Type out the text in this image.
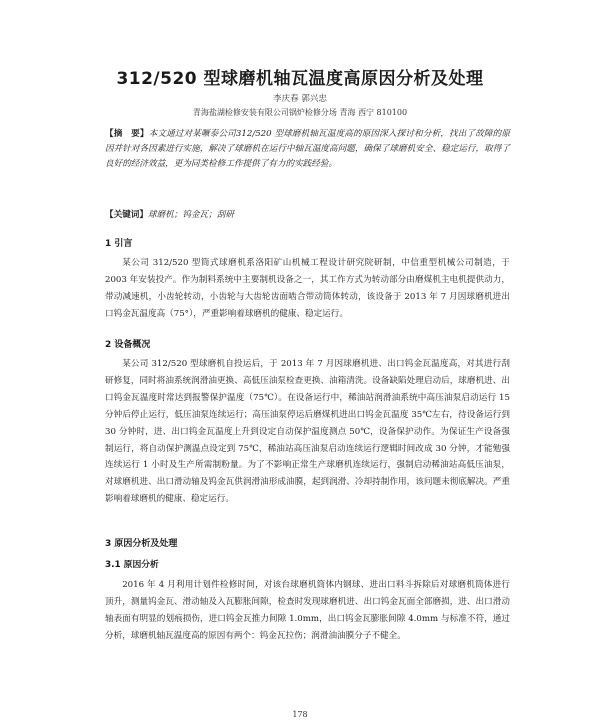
312/520 型球磨机轴瓦温度高原因分析及处理
李庆春 郭兴忠
青海盐湖检修安装有限公司锅炉检修分场 青海 西宁 810100
【摘　要】本文通过对某噘泰公司312/520 型球磨机轴瓦温度高的原因深入探讨和分析，找出了故障的原因并针对各因素进行实施，解决了球磨机在运行中轴瓦温度高问题，确保了球磨机安全、稳定运行，取得了良好的经济效益，更为同类检修工作提供了有力的实践经验。
【关键词】球磨机；钨金瓦；刮研
1 引言
某公司 312/520 型筒式球磨机系洛阳矿山机械工程设计研究院研制，中信重型机械公司制造，于 2003 年安装投产。作为制料系统中主要制机设备之一，其工作方式为转动部分由磨煤机主电机提供动力，带动减速机，小齿轮转动，小齿轮与大齿轮齿面啮合带动筒体转动，该设备于 2013 年 7 月因球磨机进出口钨金瓦温度高（75°），严重影响着球磨机的健康、稳定运行。
2 设备概况
某公司 312/520 型球磨机自投运后，于 2013 年 7 月因球磨机进、出口钨金瓦温度高，对其进行刮研修复，同时将油系统润滑油更换、高低压油泵检查更换、油箱清洗。设备缺陷处理启动后，球磨机进、出口钨金瓦温度时常达到报警保护温度（75℃）。在设备运行中，稀油站润滑油系统中高压油泵启动运行 15 分钟后停止运行，低压油泵连续运行；高压油泵停运后磨煤机进出口钨金瓦温度 35℃左右，待设备运行到 30 分钟时，进、出口钨金瓦温度上升到设定自动保护温度测点 50℃，设备保护动作。为保证生产设备强制运行，将自动保护测温点设定到 75℃，稀油站高压油泵启动连续运行逻辑时间改成 30 分钟，才能勉强连续运行 1 小时及生产所需制粉量。为了不影响正常生产球磨机连续运行，强制启动稀油站高低压油泵，对球磨机进、出口滑动轴及钨金瓦供润滑油形成油膜，起到润滑、冷却持制作用，该问题未彻底解决。严重影响着球磨机的健康、稳定运行。
3 原因分析及处理
3.1 原因分析
2016 年 4 月利用计划件检修时间，对该台球磨机筒体内钢球、进出口料斗拆除后对球磨机筒体进行顶升，测量钨金瓦、滑动轴及入瓦膨胀间隙，检查时发现球磨机进、出口钨金瓦面全部磨损，进、出口滑动轴表面有明显的划痕损伤，进口钨金瓦推力间隙 1.0mm，出口钨金瓦膨胀间隙 4.0mm 与标准不符，通过分析，球磨机轴瓦温度高的原因有两个：钨金瓦拉伤；润滑油油膜分子不健全。
178
